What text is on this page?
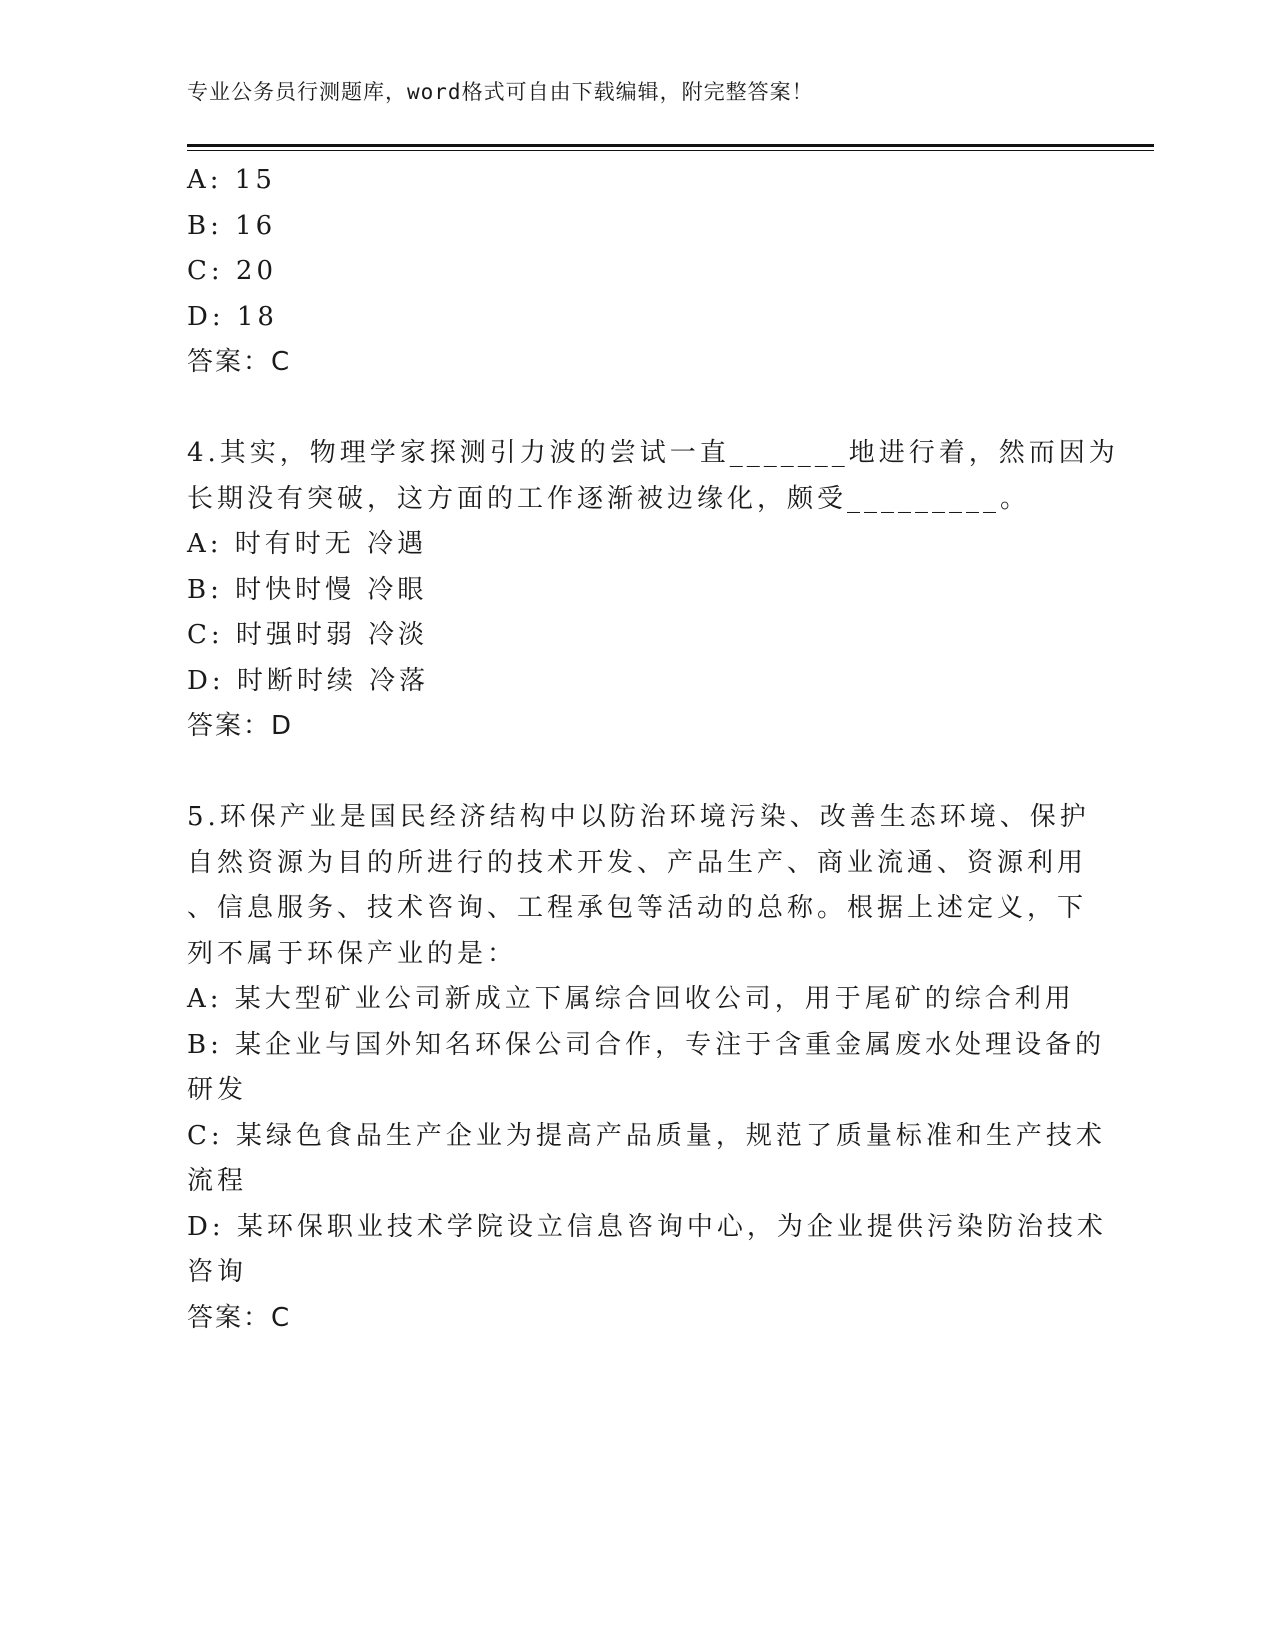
专业公务员行测题库，word格式可自由下载编辑，附完整答案！
A: 15
B: 16
C: 20
D: 18
答案：C
4.其实，物理学家探测引力波的尝试一直_______地进行着，然而因为
长期没有突破，这方面的工作逐渐被边缘化，颇受_________。
A: 时有时无 冷遇
B: 时快时慢 冷眼
C: 时强时弱 冷淡
D: 时断时续 冷落
答案：D
5.环保产业是国民经济结构中以防治环境污染、改善生态环境、保护
自然资源为目的所进行的技术开发、产品生产、商业流通、资源利用
、信息服务、技术咨询、工程承包等活动的总称。根据上述定义，下
列不属于环保产业的是：
A: 某大型矿业公司新成立下属综合回收公司，用于尾矿的综合利用
B: 某企业与国外知名环保公司合作，专注于含重金属废水处理设备的
研发
C: 某绿色食品生产企业为提高产品质量，规范了质量标准和生产技术
流程
D: 某环保职业技术学院设立信息咨询中心，为企业提供污染防治技术
咨询
答案：C
